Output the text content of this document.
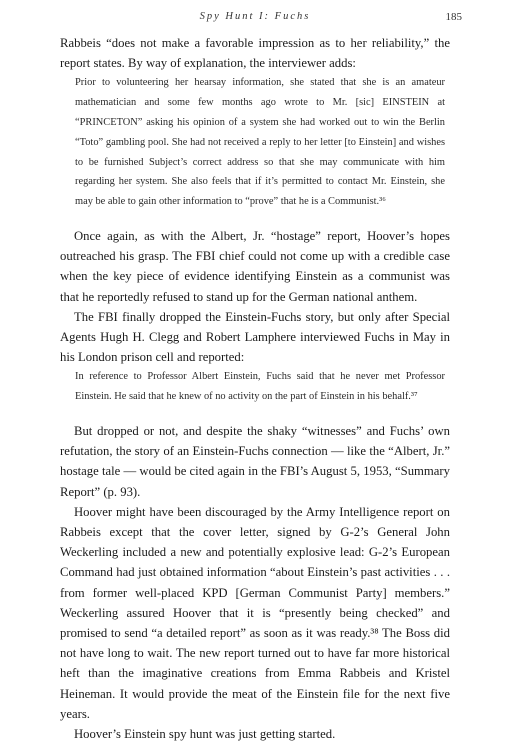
Spy Hunt I: Fuchs	185

Rabbeis “does not make a favorable impression as to her reliability,” the report states. By way of explanation, the interviewer adds:

Prior to volunteering her hearsay information, she stated that she is an amateur mathematician and some few months ago wrote to Mr. [sic] EINSTEIN at “PRINCETON” asking his opinion of a system she had worked out to win the Berlin “Toto” gambling pool. She had not received a reply to her letter [to Einstein] and wishes to be furnished Subject’s correct address so that she may communicate with him regarding her system. She also feels that if it’s permitted to contact Mr. Einstein, she may be able to gain other information to “prove” that he is a Communist.³⁶

Once again, as with the Albert, Jr. “hostage” report, Hoover’s hopes outreached his grasp. The FBI chief could not come up with a credible case when the key piece of evidence identifying Einstein as a communist was that he reportedly refused to stand up for the German national anthem.

The FBI finally dropped the Einstein-Fuchs story, but only after Special Agents Hugh H. Clegg and Robert Lamphere interviewed Fuchs in May in his London prison cell and reported:

In reference to Professor Albert Einstein, Fuchs said that he never met Professor Einstein. He said that he knew of no activity on the part of Einstein in his behalf.³⁷

But dropped or not, and despite the shaky “witnesses” and Fuchs’ own refutation, the story of an Einstein-Fuchs connection — like the “Albert, Jr.” hostage tale — would be cited again in the FBI’s August 5, 1953, “Summary Report” (p. 93).

Hoover might have been discouraged by the Army Intelligence report on Rabbeis except that the cover letter, signed by G-2’s General John Weckerling included a new and potentially explosive lead: G-2’s European Command had just obtained information “about Einstein’s past activities . . . from former well-placed KPD [German Communist Party] members.” Weckerling assured Hoover that it is “presently being checked” and promised to send “a detailed report” as soon as it was ready.³⁸ The Boss did not have long to wait. The new report turned out to have far more historical heft than the imaginative creations from Emma Rabbeis and Kristel Heineman. It would provide the meat of the Einstein file for the next five years.

Hoover’s Einstein spy hunt was just getting started.
